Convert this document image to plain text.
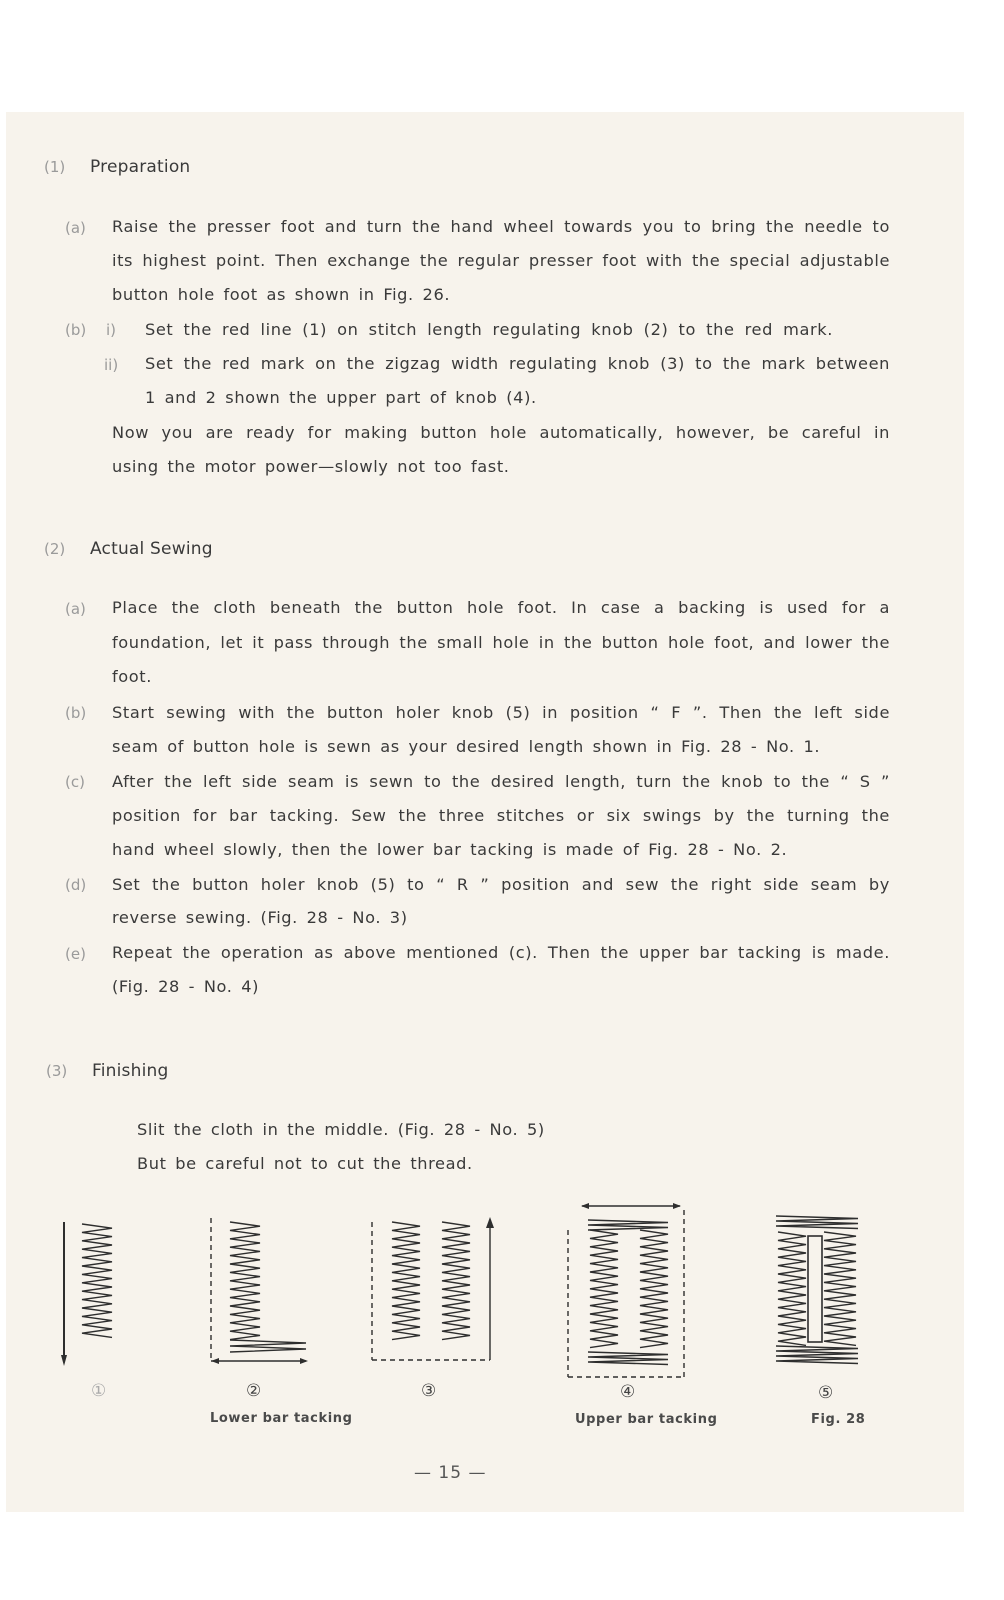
(1) Preparation
(a) Raise the presser foot and turn the hand wheel towards you to bring the needle to
its highest point. Then exchange the regular presser foot with the special adjustable
button hole foot as shown in Fig. 26.
(b) i) Set the red line (1) on stitch length regulating knob (2) to the red mark.
ii) Set the red mark on the zigzag width regulating knob (3) to the mark between
1 and 2 shown the upper part of knob (4).
Now you are ready for making button hole automatically, however, be careful in
using the motor power—slowly not too fast.
(2) Actual Sewing
(a) Place the cloth beneath the button hole foot. In case a backing is used for a
foundation, let it pass through the small hole in the button hole foot, and lower the
foot.
(b) Start sewing with the button holer knob (5) in position “ F ”. Then the left side
seam of button hole is sewn as your desired length shown in Fig. 28 - No. 1.
(c) After the left side seam is sewn to the desired length, turn the knob to the “ S ”
position for bar tacking. Sew the three stitches or six swings by the turning the
hand wheel slowly, then the lower bar tacking is made of Fig. 28 - No. 2.
(d) Set the button holer knob (5) to “ R ” position and sew the right side seam by
reverse sewing. (Fig. 28 - No. 3)
(e) Repeat the operation as above mentioned (c). Then the upper bar tacking is made.
(Fig. 28 - No. 4)
(3) Finishing
Slit the cloth in the middle. (Fig. 28 - No. 5)
But be careful not to cut the thread.
①	②	③	④	⑤
Lower bar tacking	Upper bar tacking	Fig. 28
— 15 —
